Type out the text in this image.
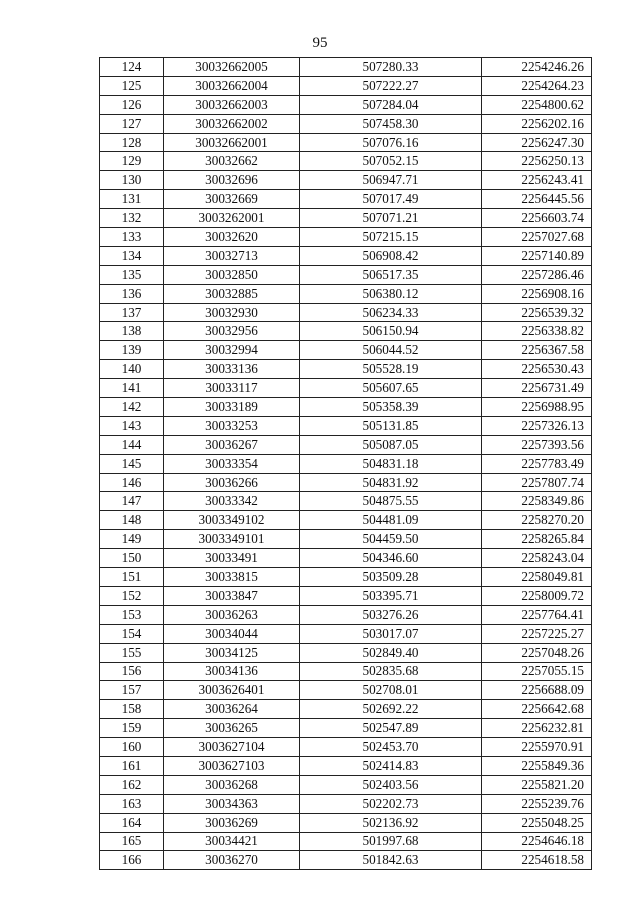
95
124	30032662005	507280.33	2254246.26
125	30032662004	507222.27	2254264.23
126	30032662003	507284.04	2254800.62
127	30032662002	507458.30	2256202.16
128	30032662001	507076.16	2256247.30
129	30032662	507052.15	2256250.13
130	30032696	506947.71	2256243.41
131	30032669	507017.49	2256445.56
132	3003262001	507071.21	2256603.74
133	30032620	507215.15	2257027.68
134	30032713	506908.42	2257140.89
135	30032850	506517.35	2257286.46
136	30032885	506380.12	2256908.16
137	30032930	506234.33	2256539.32
138	30032956	506150.94	2256338.82
139	30032994	506044.52	2256367.58
140	30033136	505528.19	2256530.43
141	30033117	505607.65	2256731.49
142	30033189	505358.39	2256988.95
143	30033253	505131.85	2257326.13
144	30036267	505087.05	2257393.56
145	30033354	504831.18	2257783.49
146	30036266	504831.92	2257807.74
147	30033342	504875.55	2258349.86
148	3003349102	504481.09	2258270.20
149	3003349101	504459.50	2258265.84
150	30033491	504346.60	2258243.04
151	30033815	503509.28	2258049.81
152	30033847	503395.71	2258009.72
153	30036263	503276.26	2257764.41
154	30034044	503017.07	2257225.27
155	30034125	502849.40	2257048.26
156	30034136	502835.68	2257055.15
157	3003626401	502708.01	2256688.09
158	30036264	502692.22	2256642.68
159	30036265	502547.89	2256232.81
160	3003627104	502453.70	2255970.91
161	3003627103	502414.83	2255849.36
162	30036268	502403.56	2255821.20
163	30034363	502202.73	2255239.76
164	30036269	502136.92	2255048.25
165	30034421	501997.68	2254646.18
166	30036270	501842.63	2254618.58
